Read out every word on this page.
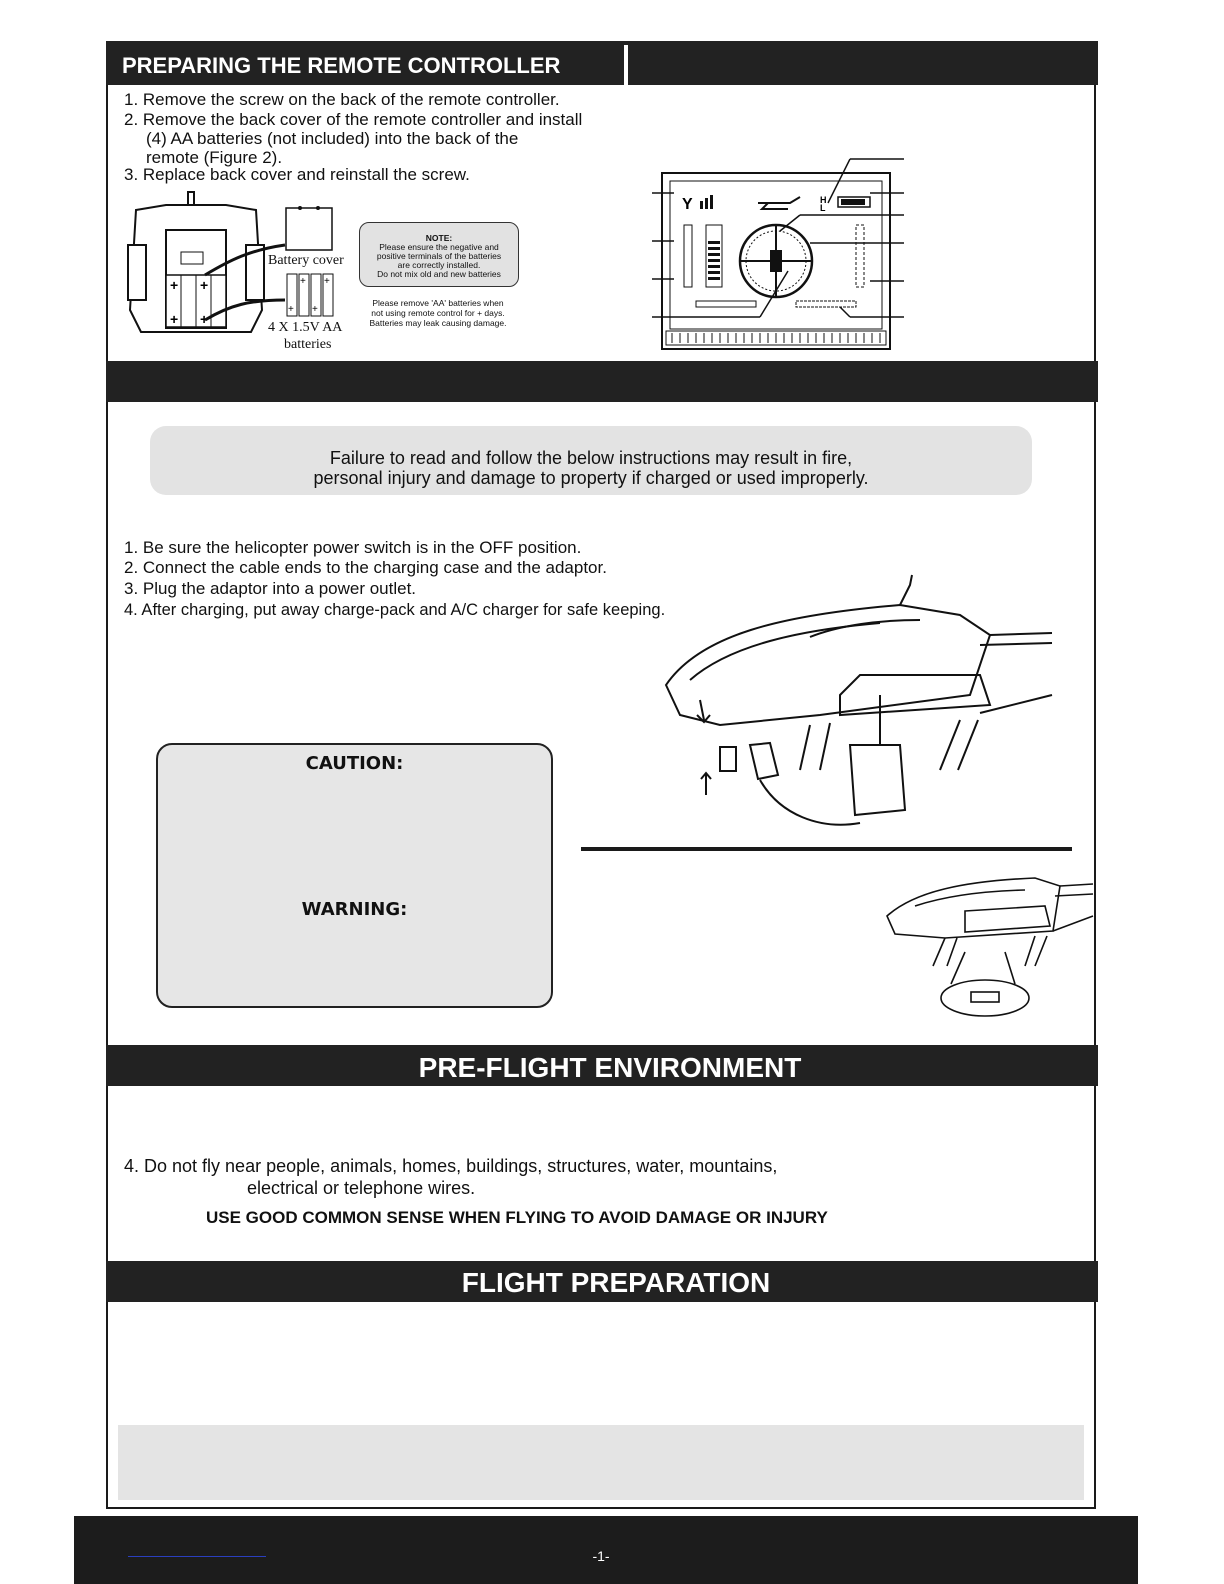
PREPARING THE REMOTE CONTROLLER
1. Remove the screw on the back of the remote controller.
2. Remove the back cover of the remote controller and install
(4) AA batteries (not included) into the back of the
remote (Figure 2).
3. Replace back cover and reinstall the screw.
+ +
+ +
Battery cover
+ +
+ +
4 X 1.5V AA
batteries
NOTE:
Please ensure the negative and
positive terminals of the batteries
are correctly installed.
Do not mix old and new batteries
Please remove 'AA' batteries when
not using remote control for + days.
Batteries may leak causing damage.
Y	H
L
Failure to read and follow the below instructions may result in fire,
personal injury and damage to property if charged or used improperly.
1. Be sure the helicopter power switch is in the OFF position.
2. Connect the cable ends to the charging case and the adaptor.
3. Plug the adaptor into a power outlet.
4. After charging, put away charge-pack and A/C charger for safe keeping.
CAUTION:
WARNING:
PRE-FLIGHT ENVIRONMENT
4. Do not fly near people, animals, homes, buildings, structures, water, mountains,
electrical or telephone wires.
USE GOOD COMMON SENSE WHEN FLYING TO AVOID DAMAGE OR INJURY
FLIGHT PREPARATION
-1-
